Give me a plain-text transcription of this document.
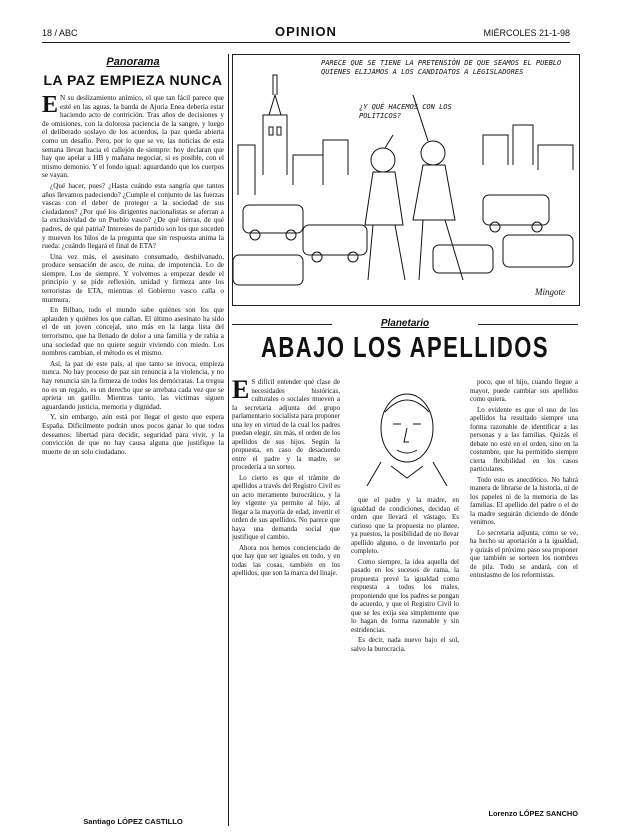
18 / ABC	OPINION	MIÉRCOLES 21-1-98
Panorama
LA PAZ EMPIEZA NUNCA

E N su deslizamiento anímico, el que tan fácil parece que esté en las aguas, la banda de Ajuria Enea debería estar haciendo acto de contrición. Tras años de decisiones y de omisiones, con la dolorosa paciencia de la sangre, y luego el deliberado soslayo de los acuerdos, la paz queda abierta como un desafío. Pero, por lo que se ve, las noticias de esta semana llevan hacia el callejón de siempre: hoy declaran que hay que apelar a HB y mañana negociar, si es posible, con el mismo demonio. Y el fondo igual: aguardando que los cuerpos se vayan.

¿Qué hacer, pues? ¿Hasta cuándo esta sangría que tantos años llevamos padeciendo? ¿Cumple el conjunto de las fuerzas vascas con el deber de proteger a la sociedad de sus ciudadanos? ¿Por qué los dirigentes nacionalistas se aferran a la exclusividad de un Pueblo vasco? ¿De qué tierras, de qué padres, de qué patria? Intereses de partido son los que suceden y mueven los hilos de la pregunta que sin respuesta anima la rueda: ¿cuándo llegará el final de ETA?

Una vez más, el asesinato consumado, deshilvanado, produce sensación de asco, de ruina, de impotencia. Lo de siempre. Los de siempre. Y volvemos a empezar desde el principio y se pide reflexión, unidad y firmeza ante los terroristas de ETA, mientras el Gobierno vasco calla o murmura.

En Bilbao, todo el mundo sabe quiénes son los que aplauden y quiénes los que callan. El último asesinato ha sido el de un joven concejal, uno más en la larga lista del terrorismo, que ha llenado de dolor a una familia y de rabia a una sociedad que no quiere seguir viviendo con miedo. Los nombres cambian, el método es el mismo.

Así, la paz de este país, al que tanto se invoca, empieza nunca. No hay proceso de paz sin renuncia a la violencia, y no hay renuncia sin la firmeza de todos los demócratas. La tregua no es un regalo, es un derecho que se arrebata cada vez que se aprieta un gatillo. Mientras tanto, las víctimas siguen aguardando justicia, memoria y dignidad.

Y, sin embargo, aún está por llegar el gesto que espera España. Difícilmente podrán unos pocos ganar lo que todos deseamos: libertad para decidir, seguridad para vivir, y la convicción de que no hay causa alguna que justifique la muerte de un solo ciudadano.

Santiago LÓPEZ CASTILLO
PARECE QUE SE TIENE LA PRETENSIÓN DE QUE SEAMOS EL PUEBLO QUIENES ELIJAMOS A LOS CANDIDATOS A LEGISLADORES
¿Y QUÉ HACEMOS CON LOS POLÍTICOS?
Mingote
Planetario
ABAJO LOS APELLIDOS

E S difícil entender qué clase de necesidades históricas, culturales o sociales mueven a la secretaria adjunta del grupo parlamentario socialista para proponer una ley en virtud de la cual los padres puedan elegir, sin más, el orden de los apellidos de sus hijos. Según la propuesta, en caso de desacuerdo entre el padre y la madre, se procedería a un sorteo.

Lo cierto es que el trámite de apellidos a través del Registro Civil es un acto meramente burocrático, y la ley vigente ya permite al hijo, al llegar a la mayoría de edad, invertir el orden de sus apellidos. No parece que haya una demanda social que justifique el cambio.

Ahora nos hemos concienciado de que hay que ser iguales en todo, y en todas las cosas, también en los apellidos, que son la marca del linaje.

que el padre y la madre, en igualdad de condiciones, decidan el orden que llevará el vástago. Es curioso que la propuesta no plantee, ya puestos, la posibilidad de no llevar apellido alguno, o de inventarlo por completo.

Como siempre, la idea aquella del pasado en los sucesos de rama, la propuesta prevé la igualdad como respuesta a todos los males, proponiendo que los padres se pongan de acuerdo, y que el Registro Civil lo que se les exija sea simplemente que lo hagan de forma razonable y sin estridencias.

Es decir, nada nuevo bajo el sol, salvo la burocracia.

poco, que el hijo, cuando llegue a mayor, puede cambiar sus apellidos como quiera.

Lo evidente es que el uso de los apellidos ha resultado siempre una forma razonable de identificar a las personas y a las familias. Quizás el debate no esté en el orden, sino en la costumbre, que ha permitido siempre cierta flexibilidad en los casos particulares.

Todo esto es anecdótico. No habrá manera de librarse de la historia, ni de los papeles ni de la memoria de las familias. El apellido del padre o el de la madre seguirán diciendo de dónde venimos.

Lo secretaria adjunta, como se ve, ha hecho su aportación a la igualdad, y quizás el próximo paso sea proponer que también se sorteen los nombres de pila. Todo se andará, con el entusiasmo de los reformistas.

Lorenzo LÓPEZ SANCHO
